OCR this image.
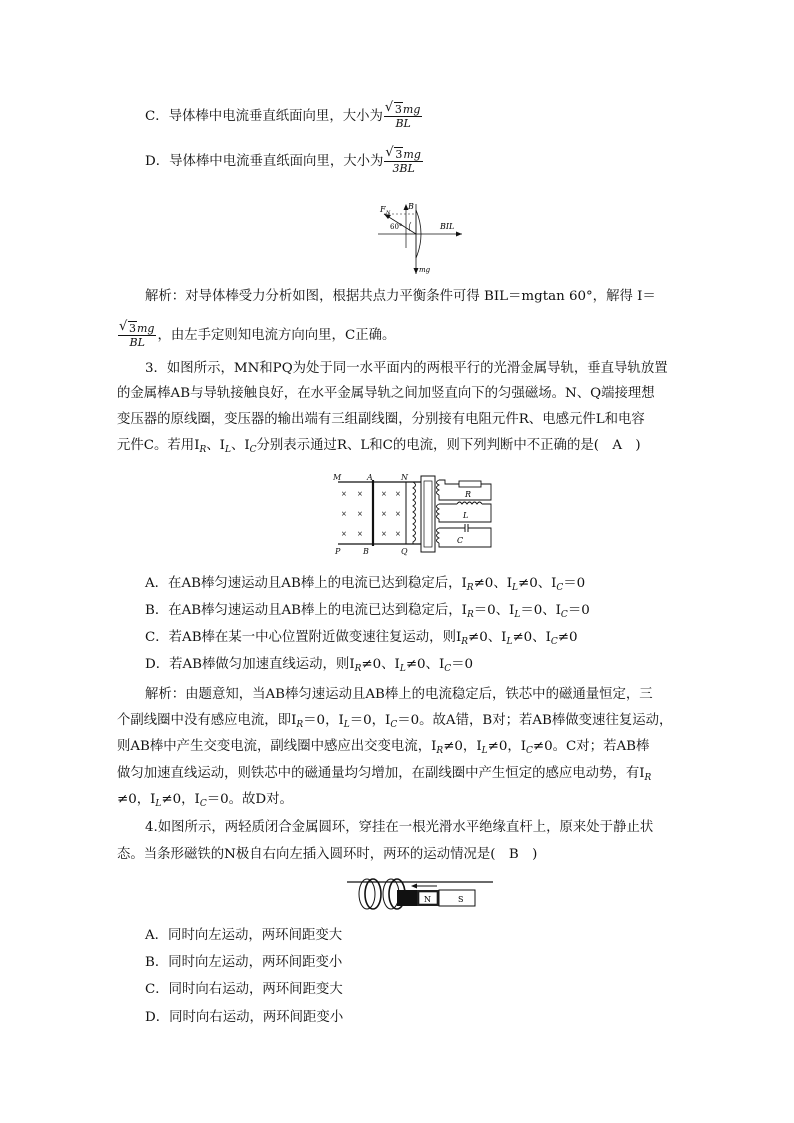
C．导体棒中电流垂直纸面向里，大小为 √ $\frac{3mg}{BL}$
D．导体棒中电流垂直纸面向里，大小为 √ $\frac{3mg}{3BL}$
F N
B
60°	BIL
mg
解析：对导体棒受力分析如图，根据共点力平衡条件可得 BIL＝mgtan 60°，解得 I＝
√ $\frac{3mg}{BL}$ ，由左手定则知电流方向向里，C正确。
3．如图所示，MN和PQ为处于同一水平面内的两根平行的光滑金属导轨，垂直导轨放置
的金属棒AB与导轨接触良好，在水平金属导轨之间加竖直向下的匀强磁场。N、Q端接理想
变压器的原线圈，变压器的输出端有三组副线圈，分别接有电阻元件R、电感元件L和电容
元件C。若用$I_R$、$I_L$、$I_C$分别表示通过R、L和C的电流，则下列判断中不正确的是(　A　)
× ×	× ×
× ×	× ×
× ×	× ×
R
L
C
M	A	N
P	B	Q
A．在AB棒匀速运动且AB棒上的电流已达到稳定后，$I_R\ne 0$、$I_L\ne 0$、$I_C=0$
B．在AB棒匀速运动且AB棒上的电流已达到稳定后，$I_R=0$、$I_L=0$、$I_C=0$
C．若AB棒在某一中心位置附近做变速往复运动，则$I_R\ne 0$、$I_L\ne 0$、$I_C\ne 0$
D．若AB棒做匀加速直线运动，则$I_R\ne 0$、$I_L\ne 0$、$I_C=0$
解析：由题意知，当AB棒匀速运动且AB棒上的电流稳定后，铁芯中的磁通量恒定，三
个副线圈中没有感应电流，即$I_R=0$，$I_L=0$，$I_C=0$。故A错，B对；若AB棒做变速往复运动，
则AB棒中产生交变电流，副线圈中感应出交变电流，$I_R\ne 0$，$I_L\ne 0$，$I_C\ne 0$。C对；若AB棒
做匀加速直线运动，则铁芯中的磁通量均匀增加，在副线圈中产生恒定的感应电动势，有$I_R$
≠0，$I_L\ne 0$，$I_C=0$。故D对。
4.如图所示，两轻质闭合金属圆环，穿挂在一根光滑水平绝缘直杆上，原来处于静止状
态。当条形磁铁的N极自右向左插入圆环时，两环的运动情况是(　B　)
N	S
A．同时向左运动，两环间距变大
B．同时向左运动，两环间距变小
C．同时向右运动，两环间距变大
D．同时向右运动，两环间距变小
